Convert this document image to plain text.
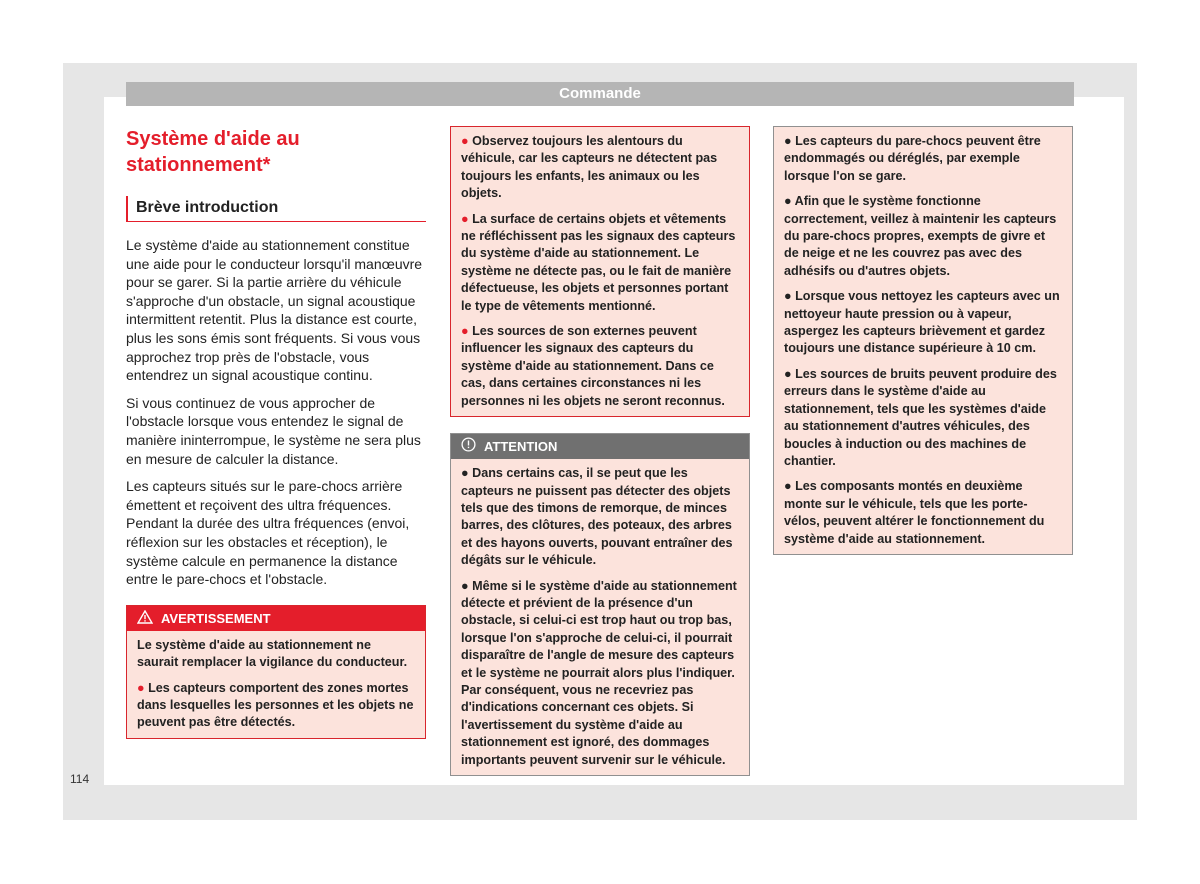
Commande
Système d'aide au stationnement*
Brève introduction

Le système d'aide au stationnement constitue une aide pour le conducteur lorsqu'il manœuvre pour se garer. Si la partie arrière du véhicule s'approche d'un obstacle, un signal acoustique intermittent retentit. Plus la distance est courte, plus les sons émis sont fréquents. Si vous vous approchez trop près de l'obstacle, vous entendrez un signal acoustique continu.

Si vous continuez de vous approcher de l'obstacle lorsque vous entendez le signal de manière ininterrompue, le système ne sera plus en mesure de calculer la distance.

Les capteurs situés sur le pare-chocs arrière émettent et reçoivent des ultra fréquences. Pendant la durée des ultra fréquences (envoi, réflexion sur les obstacles et réception), le système calcule en permanence la distance entre le pare-chocs et l'obstacle.

AVERTISSEMENT

Le système d'aide au stationnement ne saurait remplacer la vigilance du conducteur.

● Les capteurs comportent des zones mortes dans lesquelles les personnes et les objets ne peuvent pas être détectés.

● Observez toujours les alentours du véhicule, car les capteurs ne détectent pas toujours les enfants, les animaux ou les objets.

● La surface de certains objets et vêtements ne réfléchissent pas les signaux des capteurs du système d'aide au stationnement. Le système ne détecte pas, ou le fait de manière défectueuse, les objets et personnes portant le type de vêtements mentionné.

● Les sources de son externes peuvent influencer les signaux des capteurs du système d'aide au stationnement. Dans ce cas, dans certaines circonstances ni les personnes ni les objets ne seront reconnus.

ATTENTION

● Dans certains cas, il se peut que les capteurs ne puissent pas détecter des objets tels que des timons de remorque, de minces barres, des clôtures, des poteaux, des arbres et des hayons ouverts, pouvant entraîner des dégâts sur le véhicule.

● Même si le système d'aide au stationnement détecte et prévient de la présence d'un obstacle, si celui-ci est trop haut ou trop bas, lorsque l'on s'approche de celui-ci, il pourrait disparaître de l'angle de mesure des capteurs et le système ne pourrait alors plus l'indiquer. Par conséquent, vous ne recevriez pas d'indications concernant ces objets. Si l'avertissement du système d'aide au stationnement est ignoré, des dommages importants peuvent survenir sur le véhicule.

● Les capteurs du pare-chocs peuvent être endommagés ou déréglés, par exemple lorsque l'on se gare.

● Afin que le système fonctionne correctement, veillez à maintenir les capteurs du pare-chocs propres, exempts de givre et de neige et ne les couvrez pas avec des adhésifs ou d'autres objets.

● Lorsque vous nettoyez les capteurs avec un nettoyeur haute pression ou à vapeur, aspergez les capteurs brièvement et gardez toujours une distance supérieure à 10 cm.

● Les sources de bruits peuvent produire des erreurs dans le système d'aide au stationnement, tels que les systèmes d'aide au stationnement d'autres véhicules, des boucles à induction ou des machines de chantier.

● Les composants montés en deuxième monte sur le véhicule, tels que les porte-vélos, peuvent altérer le fonctionnement du système d'aide au stationnement.

114
